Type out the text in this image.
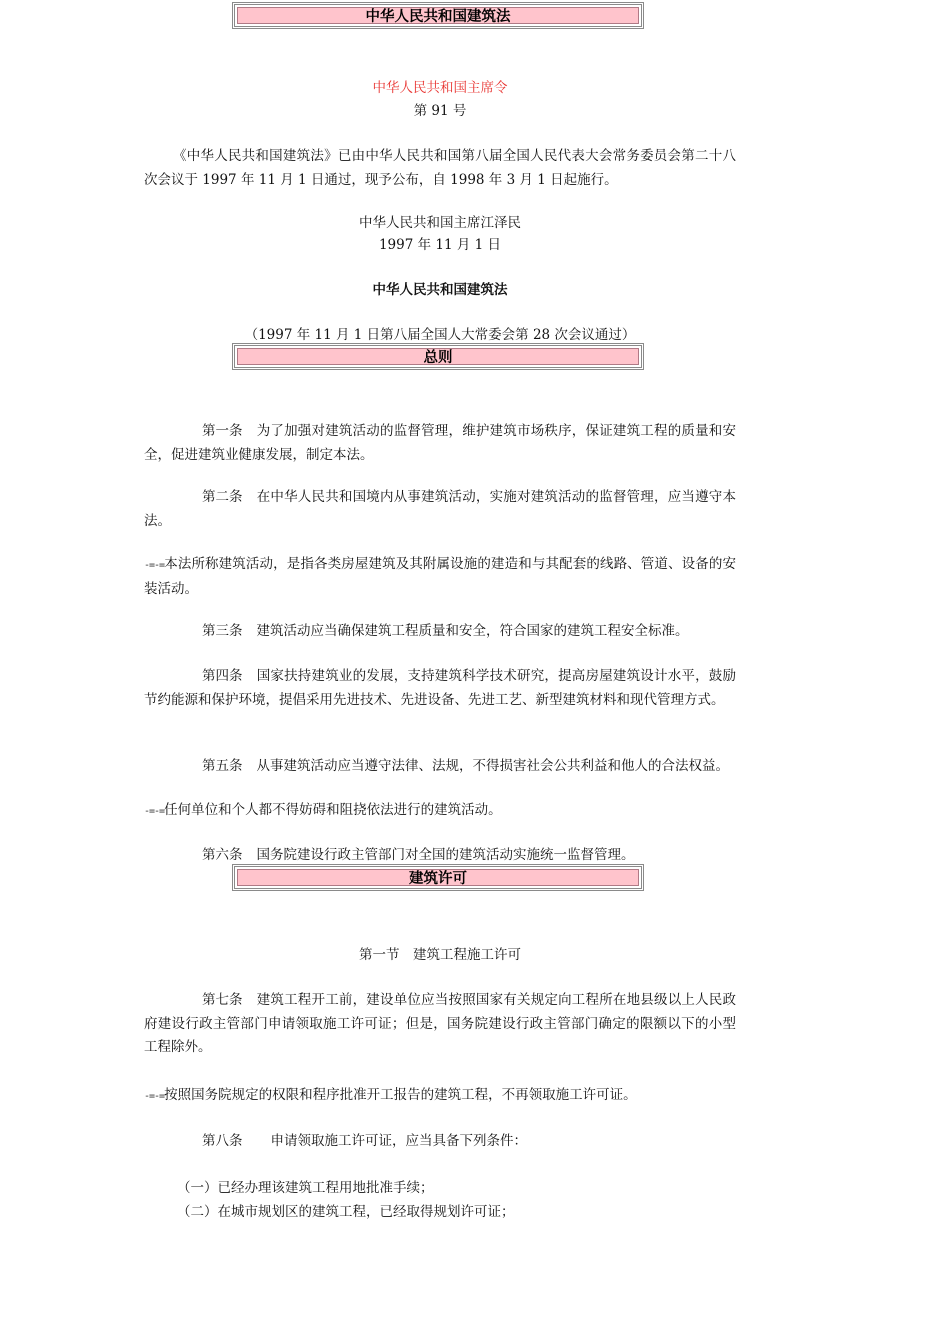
中华人民共和国建筑法
中华人民共和国主席令
第 91 号
《中华人民共和国建筑法》已由中华人民共和国第八届全国人民代表大会常务委员会第二十八次会议于 1997 年 11 月 1 日通过，现予公布，自 1998 年 3 月 1 日起施行。
中华人民共和国主席江泽民
1997 年 11 月 1 日
中华人民共和国建筑法
（1997 年 11 月 1 日第八届全国人大常委会第 28 次会议通过）
总则
第一条 为了加强对建筑活动的监督管理，维护建筑市场秩序，保证建筑工程的质量和安全，促进建筑业健康发展，制定本法。
第二条 在中华人民共和国境内从事建筑活动，实施对建筑活动的监督管理，应当遵守本法。
-=-=本法所称建筑活动，是指各类房屋建筑及其附属设施的建造和与其配套的线路、管道、设备的安装活动。
第三条 建筑活动应当确保建筑工程质量和安全，符合国家的建筑工程安全标准。
第四条 国家扶持建筑业的发展，支持建筑科学技术研究，提高房屋建筑设计水平，鼓励节约能源和保护环境，提倡采用先进技术、先进设备、先进工艺、新型建筑材料和现代管理方式。
第五条 从事建筑活动应当遵守法律、法规，不得损害社会公共利益和他人的合法权益。
-=-=任何单位和个人都不得妨碍和阻挠依法进行的建筑活动。
第六条 国务院建设行政主管部门对全国的建筑活动实施统一监督管理。
建筑许可
第一节　建筑工程施工许可
第七条 建筑工程开工前，建设单位应当按照国家有关规定向工程所在地县级以上人民政府建设行政主管部门申请领取施工许可证；但是，国务院建设行政主管部门确定的限额以下的小型工程除外。
-=-=按照国务院规定的权限和程序批准开工报告的建筑工程，不再领取施工许可证。
第八条 申请领取施工许可证，应当具备下列条件：
（一）已经办理该建筑工程用地批准手续；
（二）在城市规划区的建筑工程，已经取得规划许可证；
